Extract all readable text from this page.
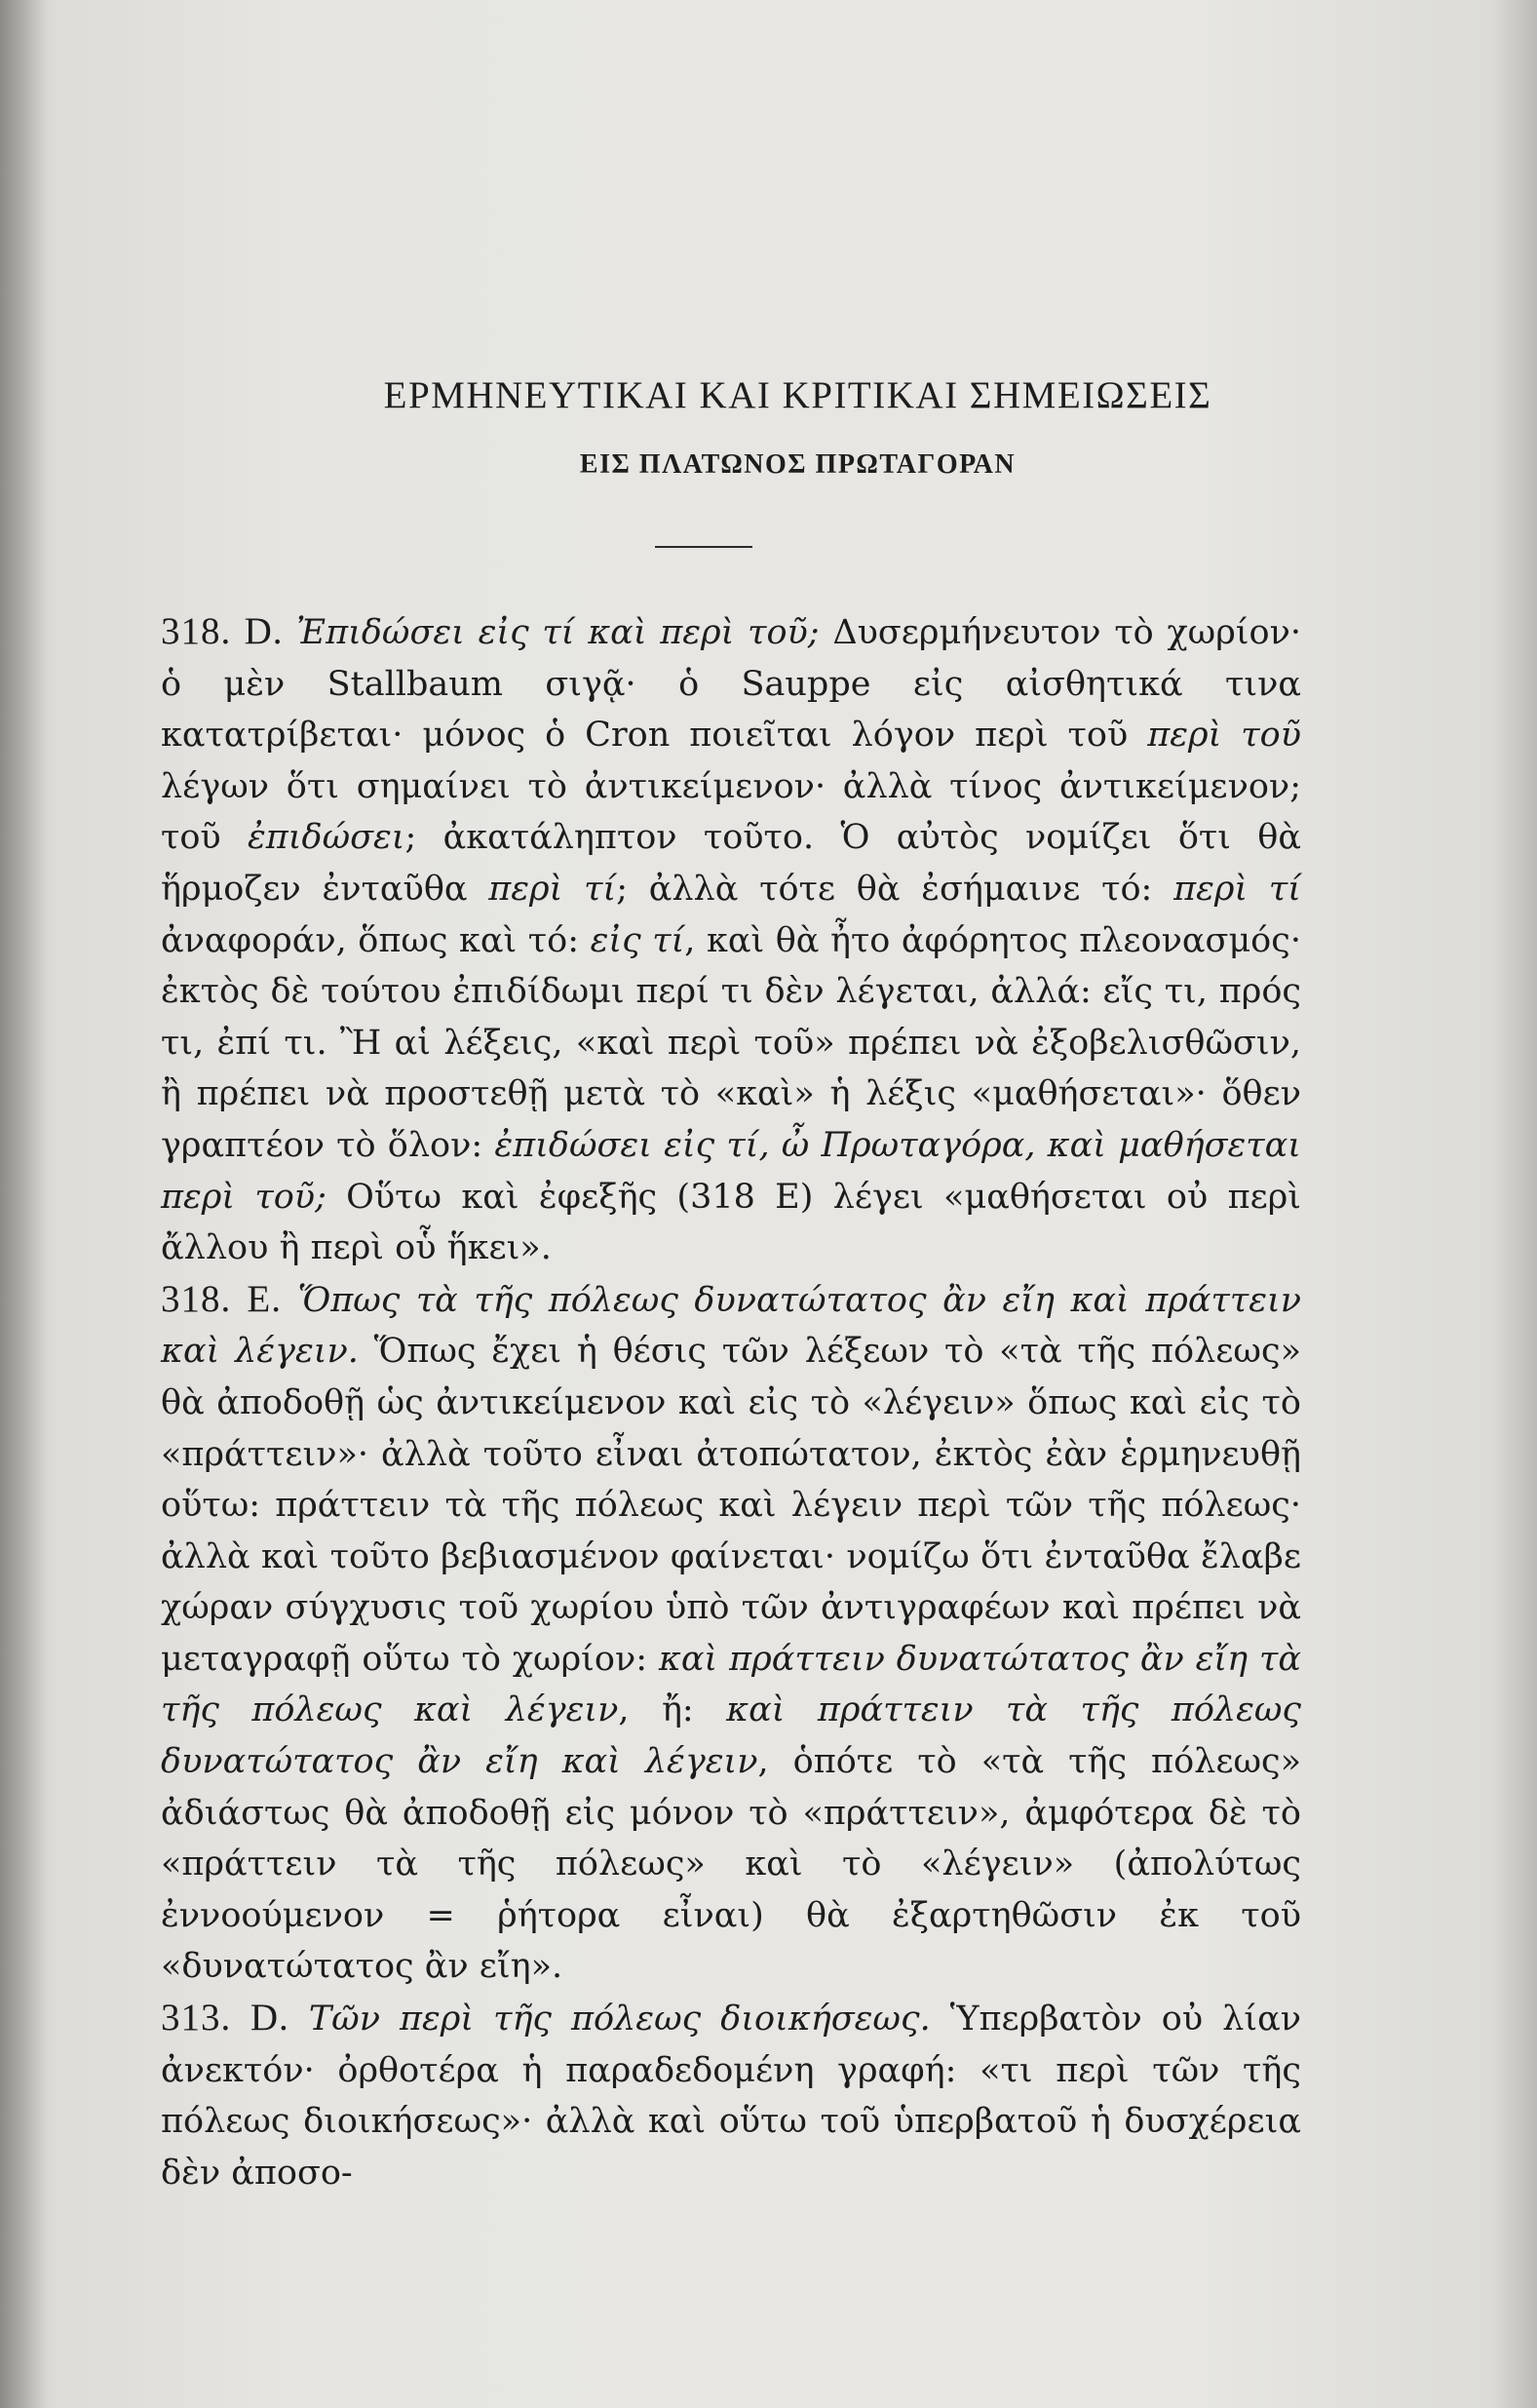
ΕΡΜΗΝΕΥΤΙΚΑΙ ΚΑΙ ΚΡΙΤΙΚΑΙ ΣΗΜΕΙΩΣΕΙΣ
ΕΙΣ ΠΛΑΤΩΝΟΣ ΠΡΩΤΑΓΟΡΑΝ

318. D. Ἐπιδώσει εἰς τί καὶ περὶ τοῦ; Δυσερμήνευτον τὸ χωρίον· ὁ μὲν Stallbaum σιγᾷ· ὁ Sauppe εἰς αἰσθητικά τινα κατατρίβεται· μόνος ὁ Cron ποιεῖται λόγον περὶ τοῦ περὶ τοῦ λέγων ὅτι σημαίνει τὸ ἀντικείμενον· ἀλλὰ τίνος ἀντικείμενον; τοῦ ἐπιδώσει; ἀκατάληπτον τοῦτο. Ὁ αὐτὸς νομίζει ὅτι θὰ ἥρμοζεν ἐνταῦθα περὶ τί; ἀλλὰ τότε θὰ ἐσήμαινε τό: περὶ τί ἀναφοράν, ὅπως καὶ τό: εἰς τί, καὶ θὰ ἦτο ἀφόρητος πλεονασμός· ἐκτὸς δὲ τούτου ἐπιδίδωμι περί τι δὲν λέγεται, ἀλλά: εἴς τι, πρός τι, ἐπί τι. Ἢ αἱ λέξεις, «καὶ περὶ τοῦ» πρέπει νὰ ἐξοβελισθῶσιν, ἢ πρέπει νὰ προστεθῇ μετὰ τὸ «καὶ» ἡ λέξις «μαθήσεται»· ὅθεν γραπτέον τὸ ὅλον: ἐπιδώσει εἰς τί, ὦ Πρωταγόρα, καὶ μαθήσεται περὶ τοῦ; Οὕτω καὶ ἐφεξῆς (318 E) λέγει «μαθήσεται οὐ περὶ ἄλλου ἢ περὶ οὗ ἥκει».

318. E. Ὅπως τὰ τῆς πόλεως δυνατώτατος ἂν εἴη καὶ πράττειν καὶ λέγειν. Ὅπως ἔχει ἡ θέσις τῶν λέξεων τὸ «τὰ τῆς πόλεως» θὰ ἀποδοθῇ ὡς ἀντικείμενον καὶ εἰς τὸ «λέγειν» ὅπως καὶ εἰς τὸ «πράττειν»· ἀλλὰ τοῦτο εἶναι ἀτοπώτατον, ἐκτὸς ἐὰν ἑρμηνευθῇ οὕτω: πράττειν τὰ τῆς πόλεως καὶ λέγειν περὶ τῶν τῆς πόλεως· ἀλλὰ καὶ τοῦτο βεβιασμένον φαίνεται· νομίζω ὅτι ἐνταῦθα ἔλαβε χώραν σύγχυσις τοῦ χωρίου ὑπὸ τῶν ἀντιγραφέων καὶ πρέπει νὰ μεταγραφῇ οὕτω τὸ χωρίον: καὶ πράττειν δυνατώτατος ἂν εἴη τὰ τῆς πόλεως καὶ λέγειν, ἤ: καὶ πράττειν τὰ τῆς πόλεως δυνατώτατος ἂν εἴη καὶ λέγειν, ὁπότε τὸ «τὰ τῆς πόλεως» ἀδιάστως θὰ ἀποδοθῇ εἰς μόνον τὸ «πράττειν», ἀμφότερα δὲ τὸ «πράττειν τὰ τῆς πόλεως» καὶ τὸ «λέγειν» (ἀπολύτως ἐννοούμενον = ῥήτορα εἶναι) θὰ ἐξαρτηθῶσιν ἐκ τοῦ «δυνατώτατος ἂν εἴη».

313. D. Τῶν περὶ τῆς πόλεως διοικήσεως. Ὑπερβατὸν οὐ λίαν ἀνεκτόν· ὀρθοτέρα ἡ παραδεδομένη γραφή: «τι περὶ τῶν τῆς πόλεως διοικήσεως»· ἀλλὰ καὶ οὕτω τοῦ ὑπερβατοῦ ἡ δυσχέρεια δὲν ἀποσο-
